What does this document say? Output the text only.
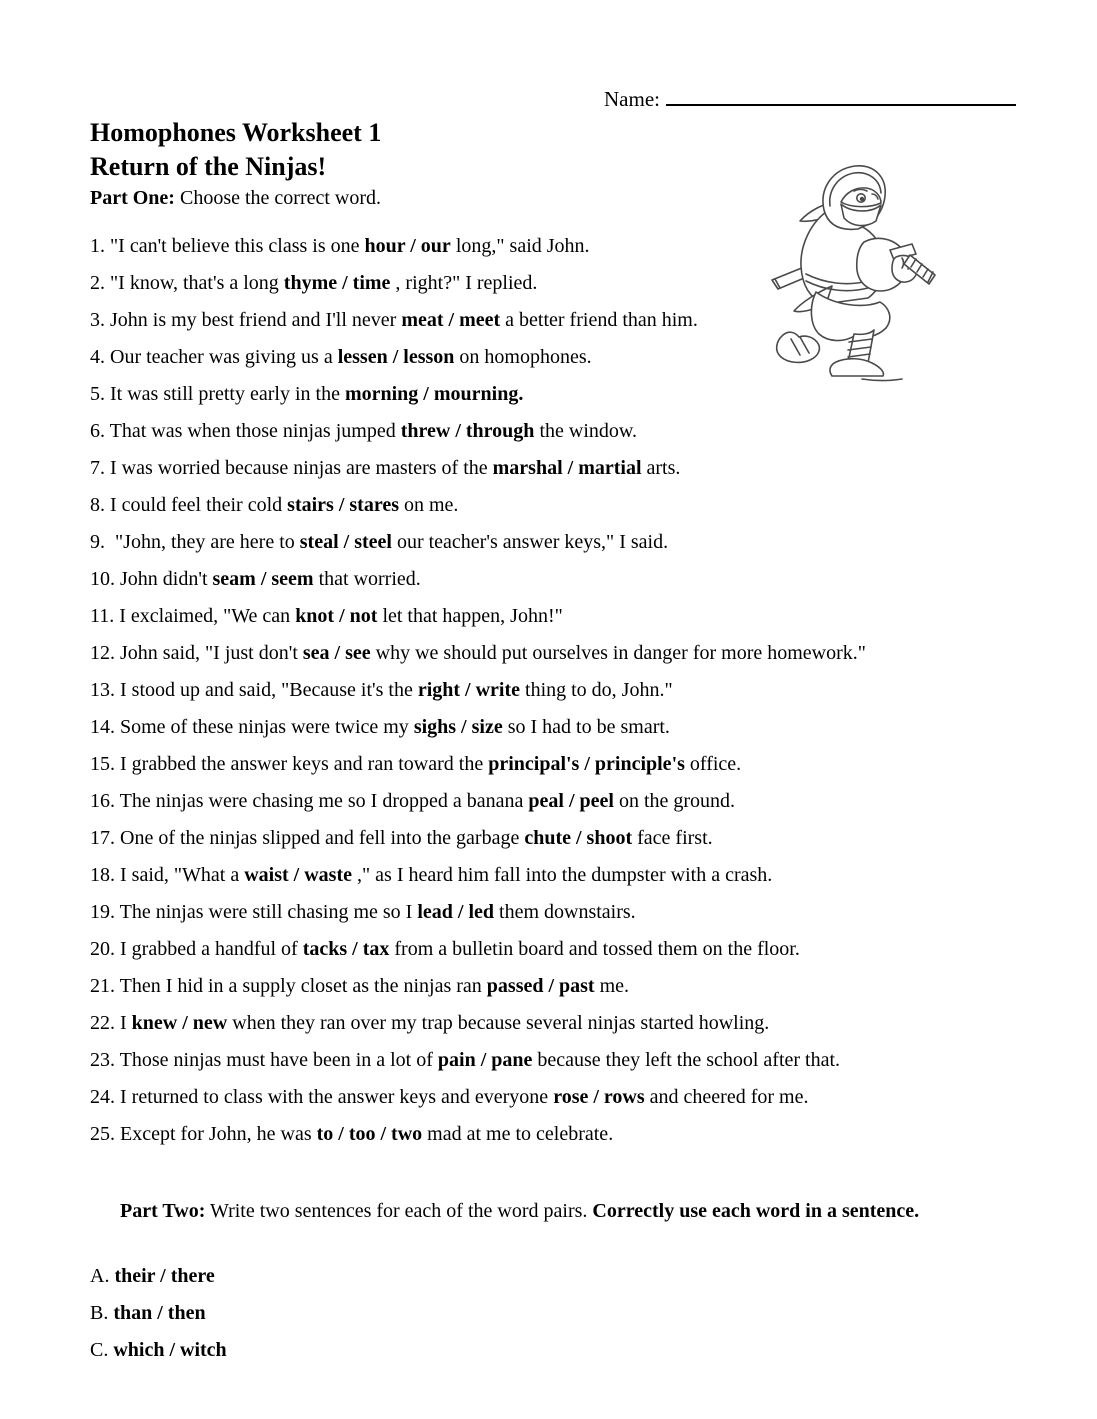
Name:
Homophones Worksheet 1
Return of the Ninjas!
Part One: Choose the correct word.
1. "I can't believe this class is one hour / our long," said John.
2. "I know, that's a long thyme / time , right?" I replied.
3. John is my best friend and I'll never meat / meet a better friend than him.
4. Our teacher was giving us a lessen / lesson on homophones.
5. It was still pretty early in the morning / mourning.
6. That was when those ninjas jumped threw / through the window.
7. I was worried because ninjas are masters of the marshal / martial arts.
8. I could feel their cold stairs / stares on me.
9.  "John, they are here to steal / steel our teacher's answer keys," I said.
10. John didn't seam / seem that worried.
11. I exclaimed, "We can knot / not let that happen, John!"
12. John said, "I just don't sea / see why we should put ourselves in danger for more homework."
13. I stood up and said, "Because it's the right / write thing to do, John."
14. Some of these ninjas were twice my sighs / size so I had to be smart.
15. I grabbed the answer keys and ran toward the principal's / principle's office.
16. The ninjas were chasing me so I dropped a banana peal / peel on the ground.
17. One of the ninjas slipped and fell into the garbage chute / shoot face first.
18. I said, "What a waist / waste ," as I heard him fall into the dumpster with a crash.
19. The ninjas were still chasing me so I lead / led them downstairs.
20. I grabbed a handful of tacks / tax from a bulletin board and tossed them on the floor.
21. Then I hid in a supply closet as the ninjas ran passed / past me.
22. I knew / new when they ran over my trap because several ninjas started howling.
23. Those ninjas must have been in a lot of pain / pane because they left the school after that.
24. I returned to class with the answer keys and everyone rose / rows and cheered for me.
25. Except for John, he was to / too / two mad at me to celebrate.

Part Two: Write two sentences for each of the word pairs. Correctly use each word in a sentence.

A. their / there
B. than / then
C. which / witch
